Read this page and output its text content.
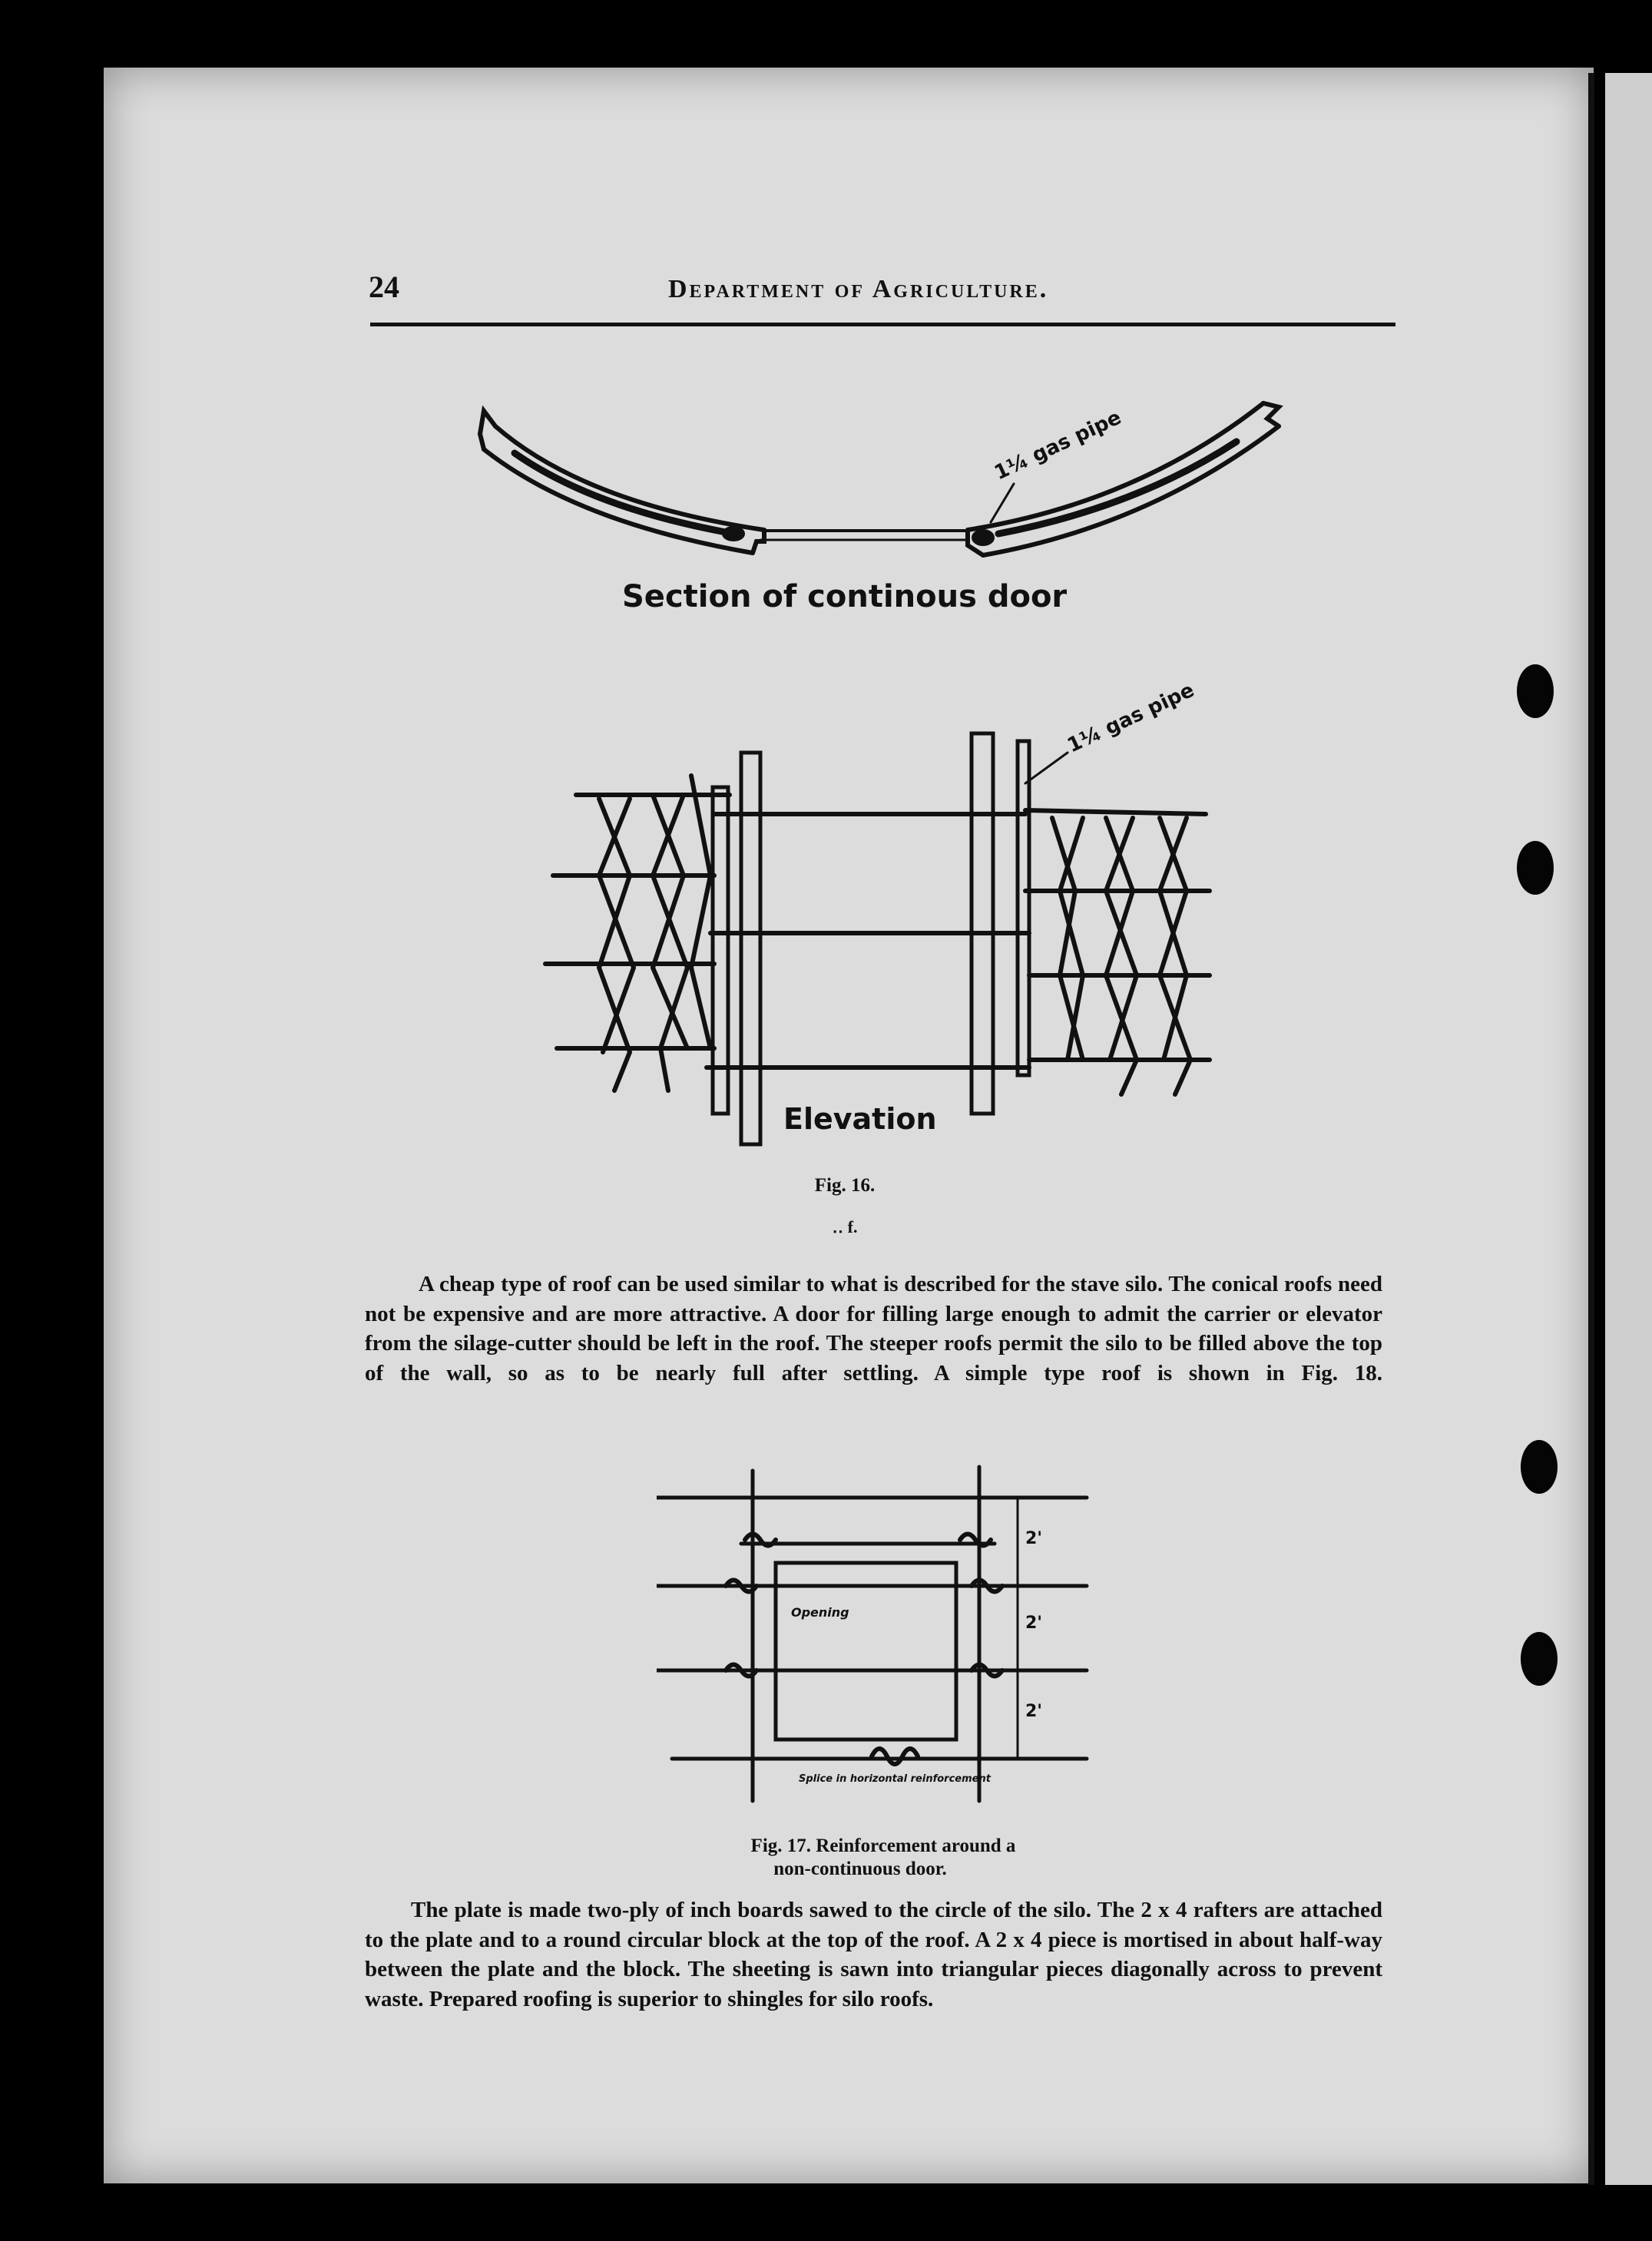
24	Department of Agriculture.
1¼ gas pipe
Section of continous door
1¼ gas pipe
Elevation
Fig. 16.
‥ f.
A cheap type of roof can be used similar to what is described for the stave silo. The conical roofs need not be expensive and are more attractive. A door for filling large enough to admit the carrier or elevator from the silage-cutter should be left in the roof. The steeper roofs permit the silo to be filled above the top of the wall, so as to be nearly full after settling. A simple type roof is shown in Fig. 18.
Opening
2'
2'
2'
Splice in horizontal reinforcement
Fig. 17. Reinforcement around a
non-continuous door.
The plate is made two-ply of inch boards sawed to the circle of the silo. The 2 x 4 rafters are attached to the plate and to a round circular block at the top of the roof. A 2 x 4 piece is mortised in about half-way between the plate and the block. The sheeting is sawn into triangular pieces diagonally across to prevent waste. Prepared roofing is superior to shingles for silo roofs.
